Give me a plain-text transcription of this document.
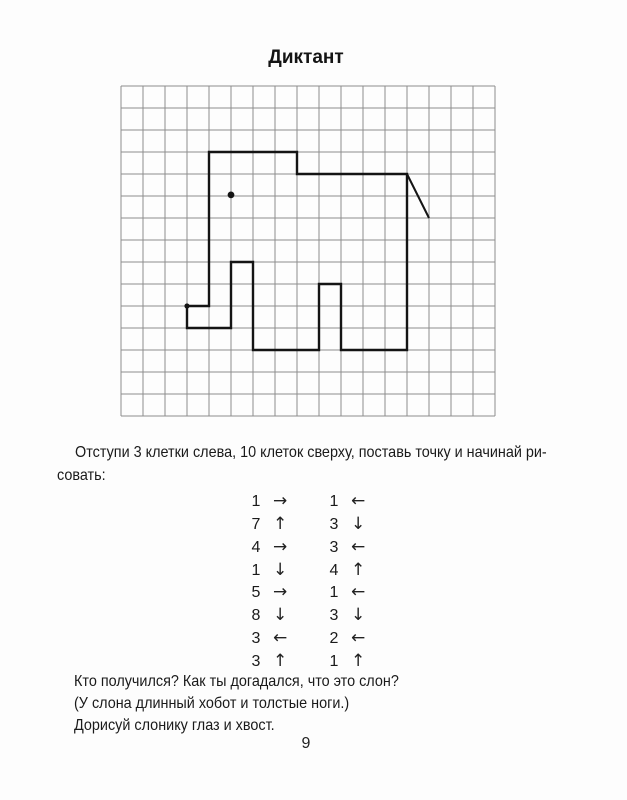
Диктант
Отступи 3 клетки слева, 10 клеток сверху, поставь точку и начинай ри-
совать:
1 →	1 ←
7 ↑	3 ↓
4 →	3 ←
1 ↓	4 ↑
5 →	1 ←
8 ↓	3 ↓
3 ←	2 ←
3 ↑	1 ↑
Кто получился? Как ты догадался, что это слон?
(У слона длинный хобот и толстые ноги.)
Дорисуй слонику глаз и хвост.
9
